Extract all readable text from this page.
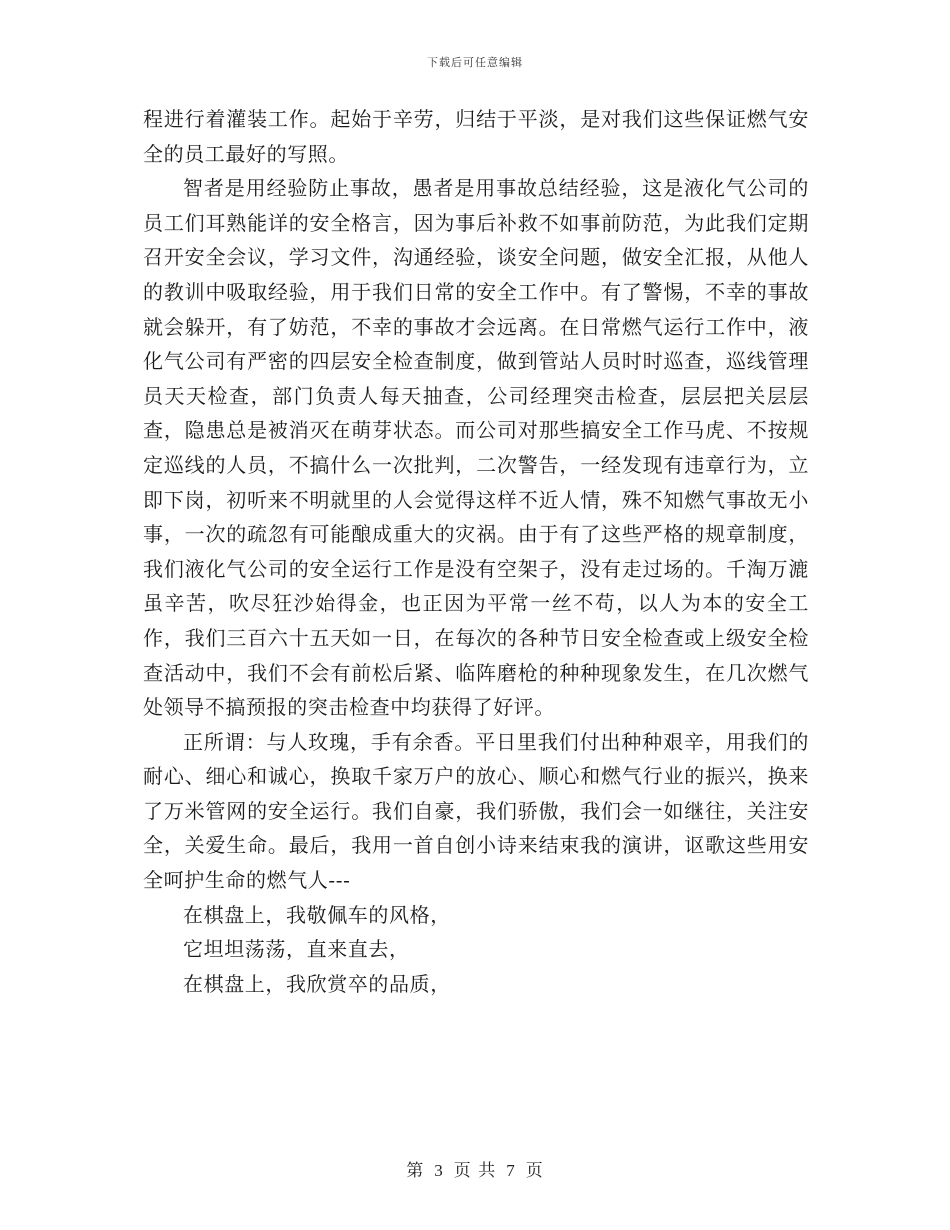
下载后可任意编辑

程进行着灌装工作。起始于辛劳，归结于平淡，是对我们这些保证燃气安全的员工最好的写照。

智者是用经验防止事故，愚者是用事故总结经验，这是液化气公司的员工们耳熟能详的安全格言，因为事后补救不如事前防范，为此我们定期召开安全会议，学习文件，沟通经验，谈安全问题，做安全汇报，从他人的教训中吸取经验，用于我们日常的安全工作中。有了警惕，不幸的事故就会躲开，有了妨范，不幸的事故才会远离。在日常燃气运行工作中，液化气公司有严密的四层安全检查制度，做到管站人员时时巡查，巡线管理员天天检查，部门负责人每天抽查，公司经理突击检查，层层把关层层查，隐患总是被消灭在萌芽状态。而公司对那些搞安全工作马虎、不按规定巡线的人员，不搞什么一次批判，二次警告，一经发现有违章行为，立即下岗，初听来不明就里的人会觉得这样不近人情，殊不知燃气事故无小事，一次的疏忽有可能酿成重大的灾祸。由于有了这些严格的规章制度，我们液化气公司的安全运行工作是没有空架子，没有走过场的。千淘万漉虽辛苦，吹尽狂沙始得金，也正因为平常一丝不苟，以人为本的安全工作，我们三百六十五天如一日，在每次的各种节日安全检查或上级安全检查活动中，我们不会有前松后紧、临阵磨枪的种种现象发生，在几次燃气处领导不搞预报的突击检查中均获得了好评。

正所谓：与人玫瑰，手有余香。平日里我们付出种种艰辛，用我们的耐心、细心和诚心，换取千家万户的放心、顺心和燃气行业的振兴，换来了万米管网的安全运行。我们自豪，我们骄傲，我们会一如继往，关注安全，关爱生命。最后，我用一首自创小诗来结束我的演讲，讴歌这些用安全呵护生命的燃气人---

在棋盘上，我敬佩车的风格，

它坦坦荡荡，直来直去，

在棋盘上，我欣赏卒的品质，

第 3 页 共 7 页
